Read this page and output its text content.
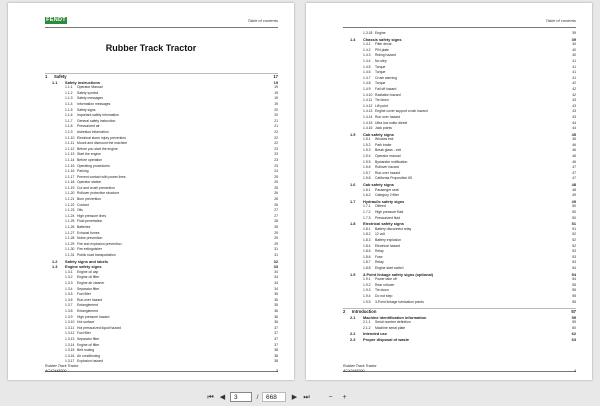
FENDT	Table of contents
Rubber Track Tractor
1 Safety	17
1.1 Safety instructions	19
1.1.1 Operator Manual	19
1.1.2 Safety symbol	19
1.1.3 Safety messages	19
1.1.4 Information messages	19
1.1.5 Safety signs	20
1.1.6 Important safety information	20
1.1.7 General safety instruction	21
1.1.8 Pressurized air	21
1.1.9 Asbestos information	22
1.1.10 Electrical storm injury prevention	22
1.1.11 Mount and dismount the machine	22
1.1.12 Before you start the engine	23
1.1.13 Start the engine	23
1.1.14 Before operation	23
1.1.15 Operating procedures	23
1.1.16 Parking	24
1.1.17 Prevent contact with power lines	25
1.1.18 Operator station	25
1.1.19 Cut and crush prevention	25
1.1.20 Rollover protective structure	26
1.1.21 Burn prevention	26
1.1.22 Coolant	26
1.1.23 Oils	27
1.1.24 High pressure lines	27
1.1.25 Fluid penetration	28
1.1.26 Batteries	28
1.1.27 Exhaust fumes	29
1.1.28 Noise prevention	29
1.1.29 Fire and explosion prevention	29
1.1.30 Fire extinguisher	31
1.1.31 Public road transportation	31
1.2 Safety signs and labels	32
1.3 Engine safety signs	33
1.3.1 Engine oil cap	34
1.3.2 Engine oil filter	34
1.3.3 Engine air cleaner	34
1.3.4 Separator filter	34
1.3.5 Fuel filter	35
1.3.6 Run-over hazard	35
1.3.7 Entanglement	35
1.3.8 Entanglement	36
1.3.9 High pressure hazard	36
1.3.10 Hot surface	36
1.3.11 Hot pressurized liquid hazard	37
1.3.12 Fuel filter	37
1.3.13 Separator filter	37
1.3.14 Engine oil filter	37
1.3.15 Belt routing	38
1.3.16 Air conditioning	38
1.3.17 Explosion hazard	38
Rubber Track Tractor
ACX2448200	3
Table of contents
1.3.18 Engine	39
1.4 Chassis safety signs	39
1.4.1 Filler decal	40
1.4.2 PIN plate	40
1.4.3 Riding hazard	40
1.4.4 No step	41
1.4.5 Torque	41
1.4.6 Torque	41
1.4.7 Crush warning	41
1.4.8 Torque	42
1.4.9 Fall off hazard	42
1.4.10 Radiation hazard	42
1.4.11 Tie down	43
1.4.12 Lift point	43
1.4.13 Engine cover support crush hazard	43
1.4.14 Run over hazard	43
1.4.15 Ultra low sulfur diesel	44
1.4.16 Jack points	44
1.5 Cab safety signs	45
1.5.1 Window exit	45
1.5.2 Park brake	46
1.5.3 Break glass - exit	46
1.5.4 Operator manual	46
1.5.5 Bystander notification	46
1.5.6 Rollover hazard	47
1.5.7 Run-over hazard	47
1.5.8 California Proposition 65	47
1.6 Cab safety signs	48
1.6.1 Passenger seat	48
1.6.2 Category 2 filter	49
1.7 Hydraulic safety signs	49
1.7.1 Oilfeed	50
1.7.2 High pressure fluid	50
1.7.3 Pressurized fluid	50
1.8 Electrical safety signs	51
1.8.1 Battery disconnect relay	51
1.8.2 12 volt	52
1.8.3 Battery explosion	52
1.8.4 Electrical hazard	52
1.8.5 Relay	53
1.8.6 Fuse	53
1.8.7 Relay	53
1.8.8 Engine start switch	54
1.9 3-Point linkage safety signs (optional)	54
1.9.1 Power take off	54
1.9.2 Rear rollover	55
1.9.3 Tie down	55
1.9.4 Do not step	55
1.9.5 3-Point linkage lubrication points	55
2 Introduction	57
2.1 Machine identification information	59
2.1.1 Serial number definition	59
2.1.2 Machine serial plate	60
2.2 Intended use	62
2.3 Proper disposal of waste	63
Rubber Track Tractor
ACX2448200	4
⏮ ◀	3	/	668	▶ ⏭	−	+
